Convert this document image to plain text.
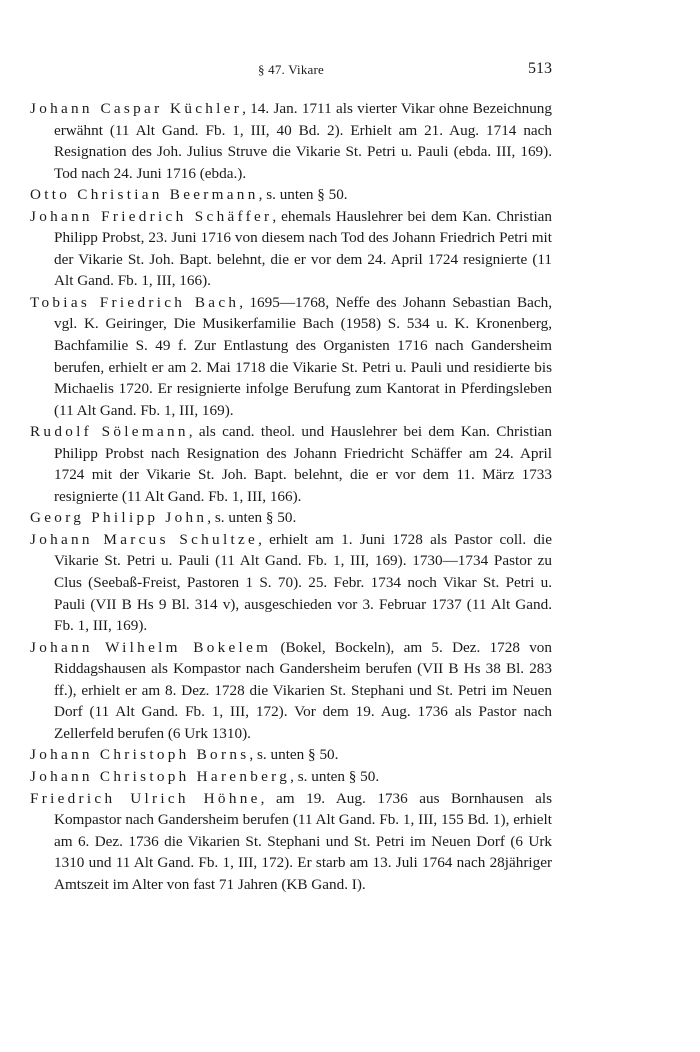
§ 47. Vikare	513

Johann Caspar Küchler, 14. Jan. 1711 als vierter Vikar ohne Bezeichnung erwähnt (11 Alt Gand. Fb. 1, III, 40 Bd. 2). Erhielt am 21. Aug. 1714 nach Resignation des Joh. Julius Struve die Vikarie St. Petri u. Pauli (ebda. III, 169). Tod nach 24. Juni 1716 (ebda.).

Otto Christian Beermann, s. unten § 50.

Johann Friedrich Schäffer, ehemals Hauslehrer bei dem Kan. Christian Philipp Probst, 23. Juni 1716 von diesem nach Tod des Johann Friedrich Petri mit der Vikarie St. Joh. Bapt. belehnt, die er vor dem 24. April 1724 resignierte (11 Alt Gand. Fb. 1, III, 166).

Tobias Friedrich Bach, 1695—1768, Neffe des Johann Sebastian Bach, vgl. K. Geiringer, Die Musikerfamilie Bach (1958) S. 534 u. K. Kronenberg, Bachfamilie S. 49 f. Zur Entlastung des Organisten 1716 nach Gandersheim berufen, erhielt er am 2. Mai 1718 die Vikarie St. Petri u. Pauli und residierte bis Michaelis 1720. Er resignierte infolge Berufung zum Kantorat in Pferdingsleben (11 Alt Gand. Fb. 1, III, 169).

Rudolf Sölemann, als cand. theol. und Hauslehrer bei dem Kan. Christian Philipp Probst nach Resignation des Johann Friedricht Schäffer am 24. April 1724 mit der Vikarie St. Joh. Bapt. belehnt, die er vor dem 11. März 1733 resignierte (11 Alt Gand. Fb. 1, III, 166).

Georg Philipp John, s. unten § 50.

Johann Marcus Schultze, erhielt am 1. Juni 1728 als Pastor coll. die Vikarie St. Petri u. Pauli (11 Alt Gand. Fb. 1, III, 169). 1730—1734 Pastor zu Clus (Seebaß-Freist, Pastoren 1 S. 70). 25. Febr. 1734 noch Vikar St. Petri u. Pauli (VII B Hs 9 Bl. 314 v), ausgeschieden vor 3. Februar 1737 (11 Alt Gand. Fb. 1, III, 169).

Johann Wilhelm Bokelem (Bokel, Bockeln), am 5. Dez. 1728 von Riddagshausen als Kompastor nach Gandersheim berufen (VII B Hs 38 Bl. 283 ff.), erhielt er am 8. Dez. 1728 die Vikarien St. Stephani und St. Petri im Neuen Dorf (11 Alt Gand. Fb. 1, III, 172). Vor dem 19. Aug. 1736 als Pastor nach Zellerfeld berufen (6 Urk 1310).

Johann Christoph Borns, s. unten § 50.

Johann Christoph Harenberg, s. unten § 50.

Friedrich Ulrich Höhne, am 19. Aug. 1736 aus Bornhausen als Kompastor nach Gandersheim berufen (11 Alt Gand. Fb. 1, III, 155 Bd. 1), erhielt am 6. Dez. 1736 die Vikarien St. Stephani und St. Petri im Neuen Dorf (6 Urk 1310 und 11 Alt Gand. Fb. 1, III, 172). Er starb am 13. Juli 1764 nach 28jähriger Amtszeit im Alter von fast 71 Jahren (KB Gand. I).
